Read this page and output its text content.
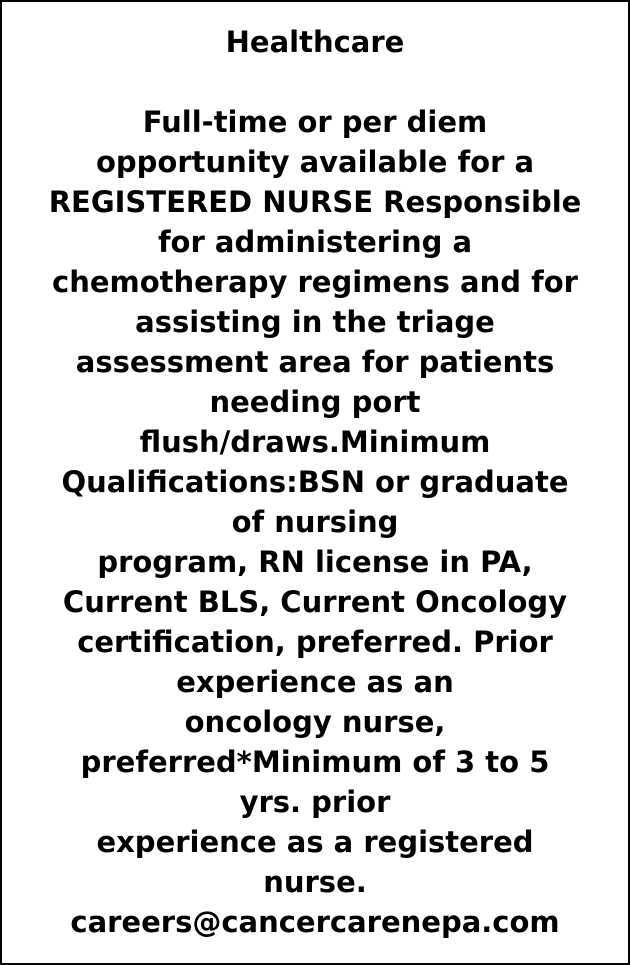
Healthcare
Full-time or per diem
opportunity available for a
REGISTERED NURSE Responsible
for administering a
chemotherapy regimens and for
assisting in the triage
assessment area for patients
needing port
flush/draws.Minimum
Qualifications:BSN or graduate
of nursing
program, RN license in PA,
Current BLS, Current Oncology
certification, preferred. Prior
experience as an
oncology nurse,
preferred*Minimum of 3 to 5
yrs. prior
experience as a registered
nurse.
careers@cancercarenepa.com
